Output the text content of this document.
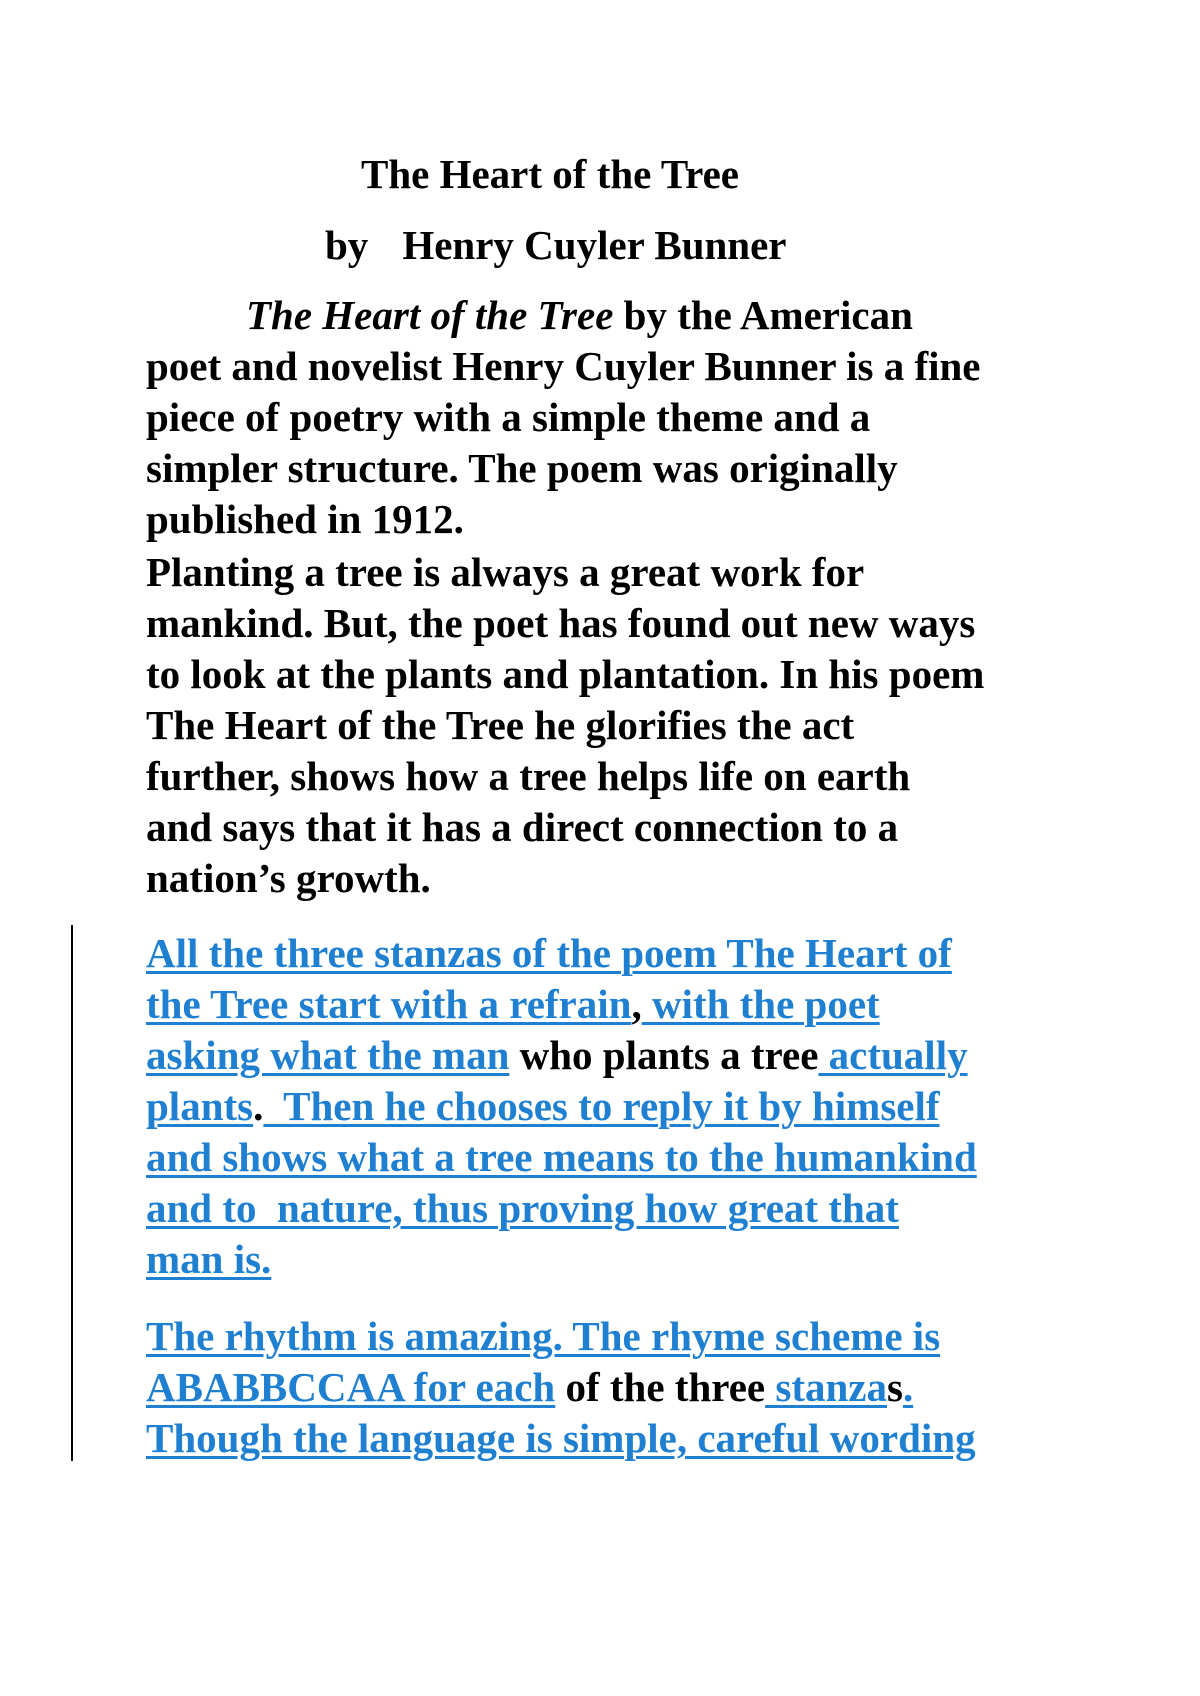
The Heart of the Tree

by Henry Cuyler Bunner

The Heart of the Tree by the American
poet and novelist Henry Cuyler Bunner is a fine
piece of poetry with a simple theme and a
simpler structure. The poem was originally
published in 1912.

Planting a tree is always a great work for
mankind. But, the poet has found out new ways
to look at the plants and plantation. In his poem
The Heart of the Tree he glorifies the act
further, shows how a tree helps life on earth
and says that it has a direct connection to a
nation’s growth.

All the three stanzas of the poem The Heart of
the Tree start with a refrain, with the poet
asking what the man who plants a tree actually
plants.  Then he chooses to reply it by himself
and shows what a tree means to the humankind
and to  nature, thus proving how great that
man is.

The rhythm is amazing. The rhyme scheme is
ABABBCCAA for each of the three stanzas.
Though the language is simple, careful wording
